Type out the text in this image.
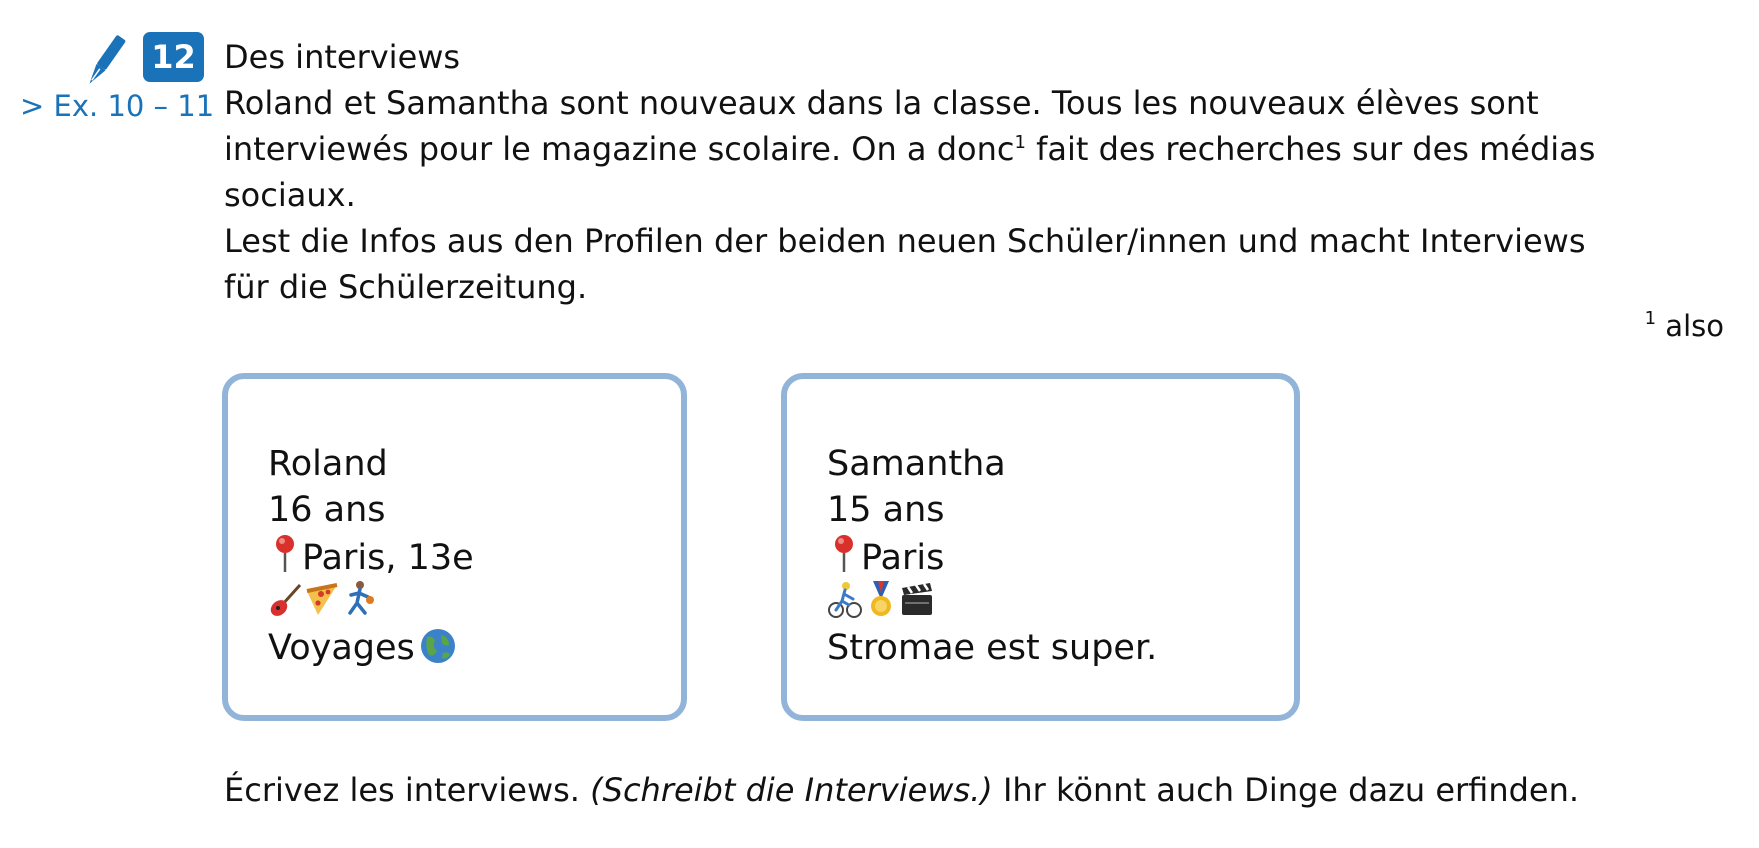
12
> Ex. 10 – 11
Des interviews
Roland et Samantha sont nouveaux dans la classe. Tous les nouveaux élèves sont
interviewés pour le magazine scolaire. On a donc$^1$ fait des recherches sur des médias
sociaux.
Lest die Infos aus den Profilen der beiden neuen Schüler/innen und macht Interviews
für die Schülerzeitung.
$^1$ also
Roland
16 ans
Paris, 13e
Voyages
Samantha
15 ans
Paris
Stromae est super.
Écrivez les interviews. (Schreibt die Interviews.) Ihr könnt auch Dinge dazu erfinden.
